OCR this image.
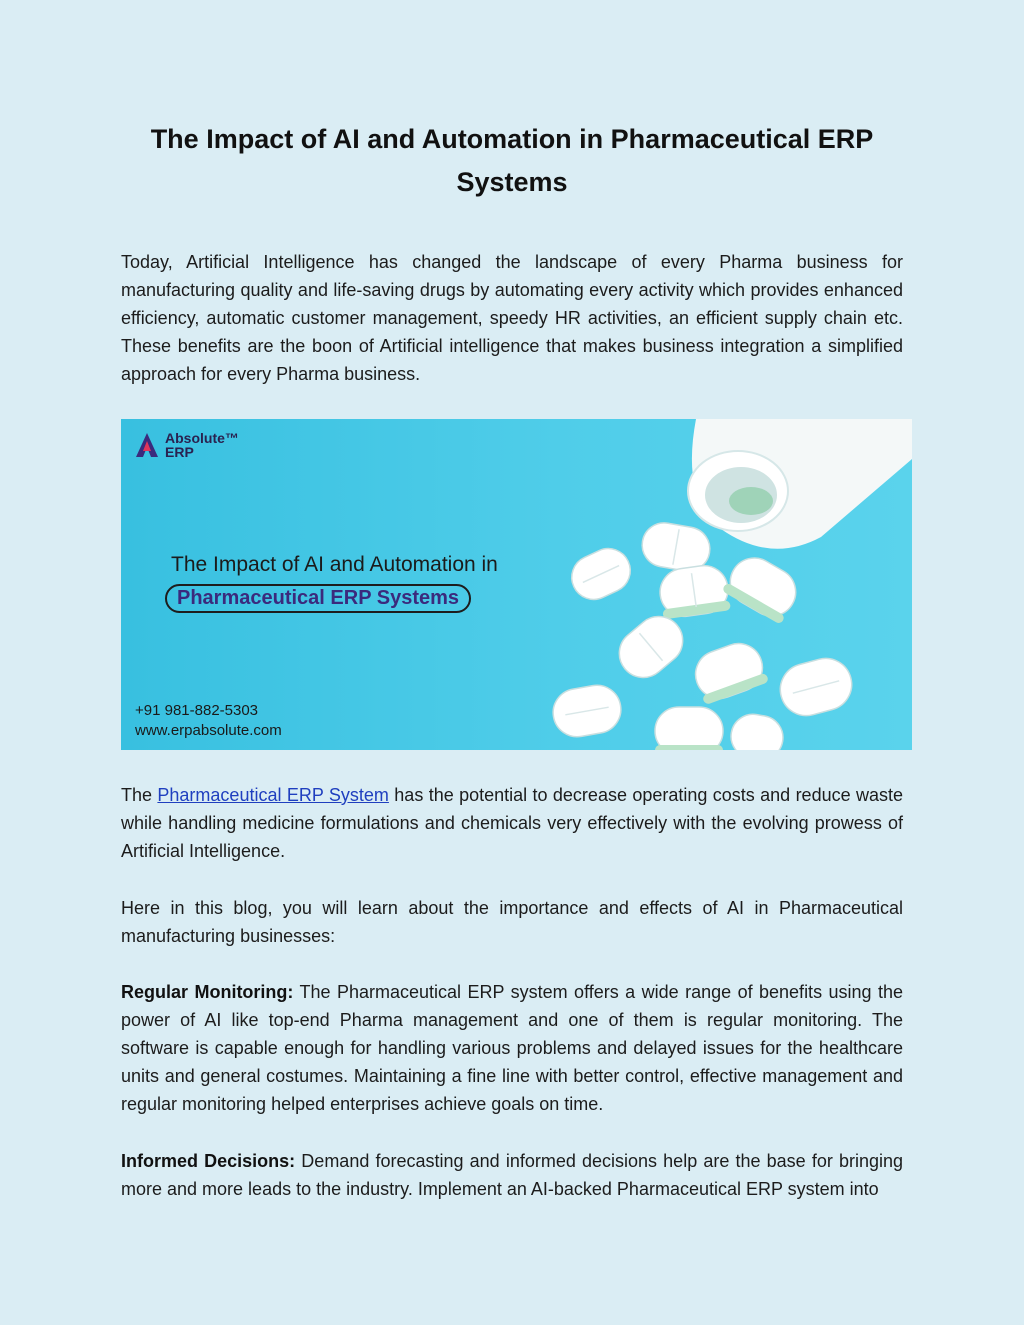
The Impact of AI and Automation in Pharmaceutical ERP Systems

Today, Artificial Intelligence has changed the landscape of every Pharma business for manufacturing quality and life-saving drugs by automating every activity which provides enhanced efficiency, automatic customer management, speedy HR activities, an efficient supply chain etc. These benefits are the boon of Artificial intelligence that makes business integration a simplified approach for every Pharma business.

Absolute™
ERP
The Impact of AI and Automation in
Pharmaceutical ERP Systems
+91 981-882-5303
www.erpabsolute.com

The Pharmaceutical ERP System has the potential to decrease operating costs and reduce waste while handling medicine formulations and chemicals very effectively with the evolving prowess of Artificial Intelligence.

Here in this blog, you will learn about the importance and effects of AI in Pharmaceutical manufacturing businesses:

Regular Monitoring: The Pharmaceutical ERP system offers a wide range of benefits using the power of AI like top-end Pharma management and one of them is regular monitoring. The software is capable enough for handling various problems and delayed issues for the healthcare units and general costumes. Maintaining a fine line with better control, effective management and regular monitoring helped enterprises achieve goals on time.

Informed Decisions: Demand forecasting and informed decisions help are the base for bringing more and more leads to the industry. Implement an AI-backed Pharmaceutical ERP system into
